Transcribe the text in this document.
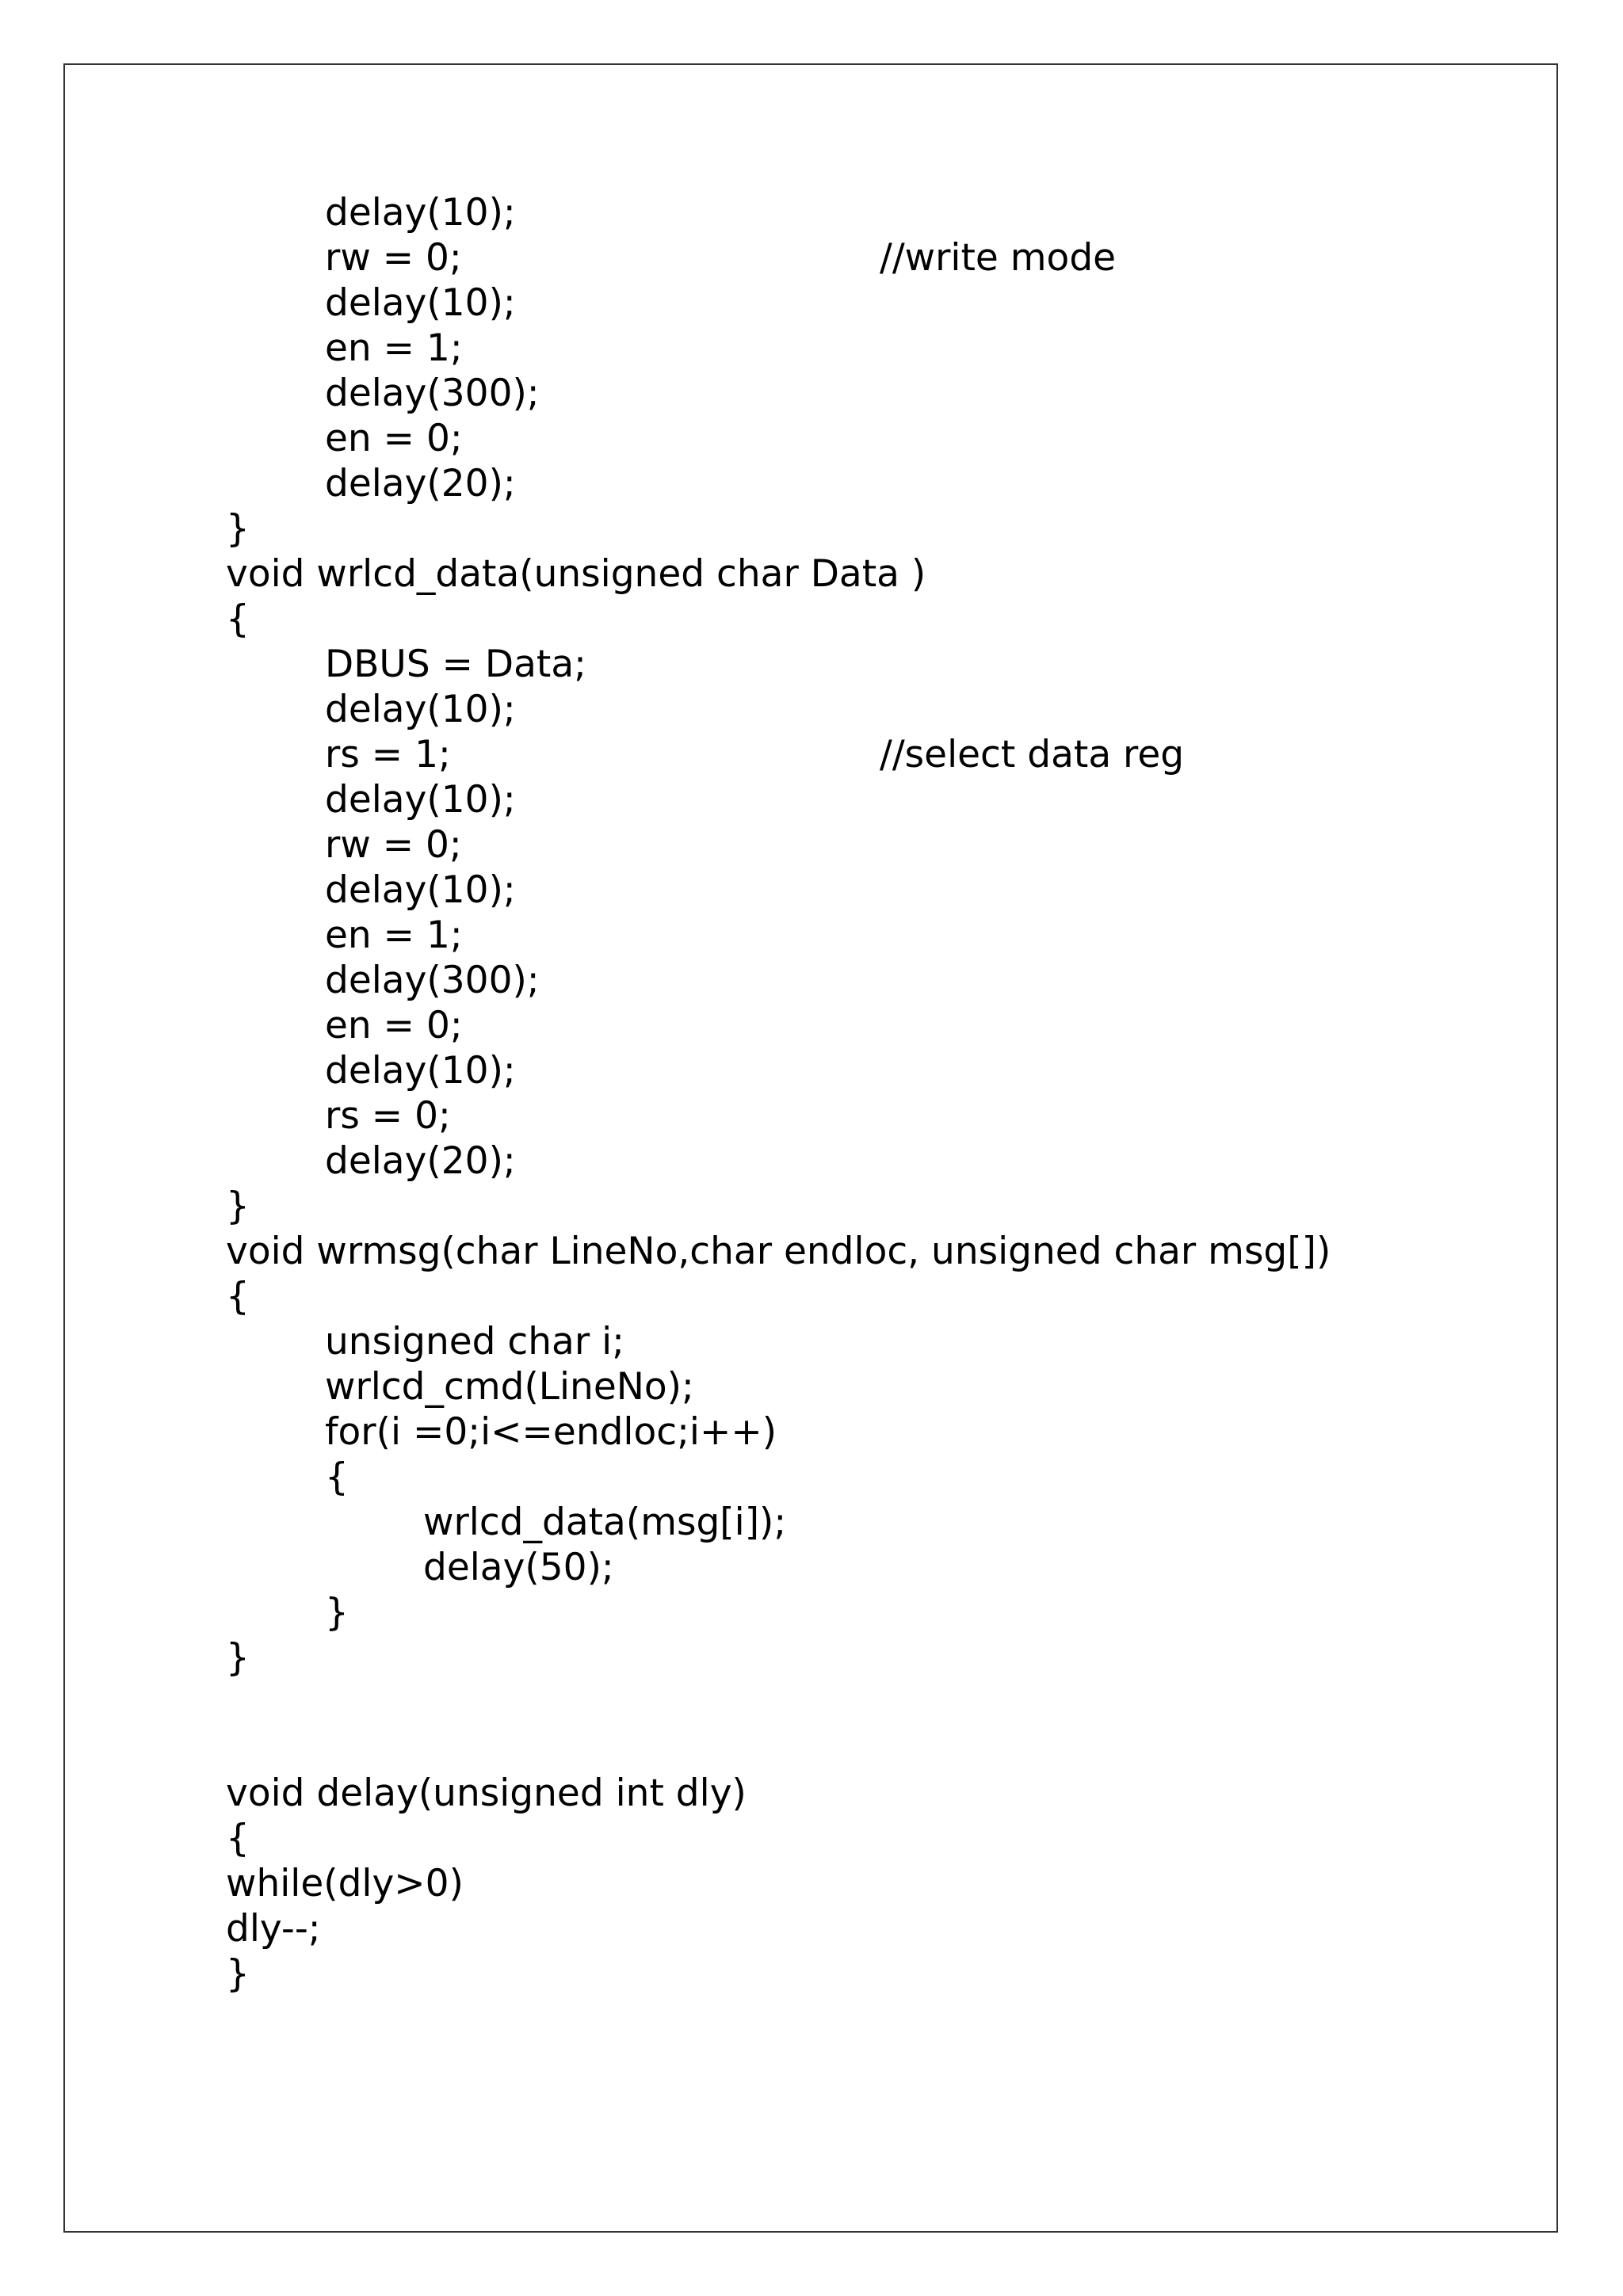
delay(10);
rw = 0;	//write mode
delay(10);
en = 1;
delay(300);
en = 0;
delay(20);
}
void wrlcd_data(unsigned char Data )
{
DBUS = Data;
delay(10);
rs = 1;	//select data reg
delay(10);
rw = 0;
delay(10);
en = 1;
delay(300);
en = 0;
delay(10);
rs = 0;
delay(20);
}
void wrmsg(char LineNo,char endloc, unsigned char msg[])
{
unsigned char i;
wrlcd_cmd(LineNo);
for(i =0;i<=endloc;i++)
{
wrlcd_data(msg[i]);
delay(50);
}
}
void delay(unsigned int dly)
{
while(dly>0)
dly--;
}
